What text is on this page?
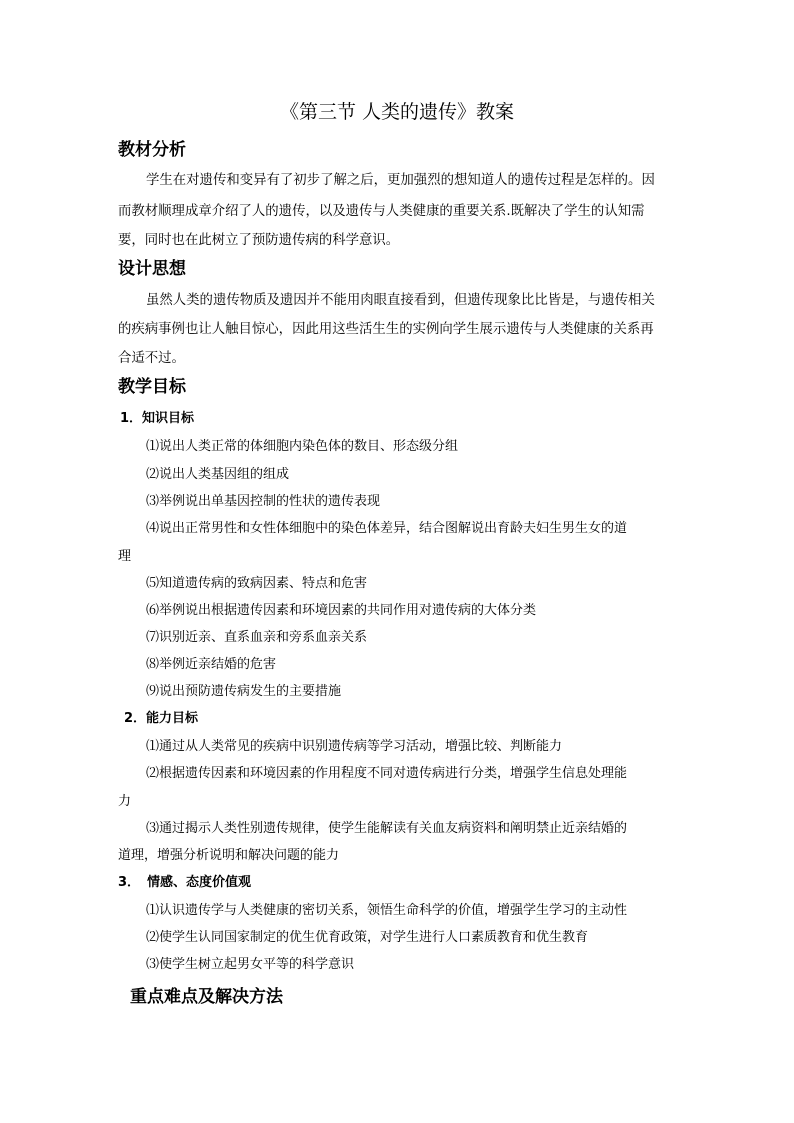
《第三节 人类的遗传》教案
教材分析
学生在对遗传和变异有了初步了解之后，更加强烈的想知道人的遗传过程是怎样的。因
而教材顺理成章介绍了人的遗传，以及遗传与人类健康的重要关系.既解决了学生的认知需
要，同时也在此树立了预防遗传病的科学意识。
设计思想
虽然人类的遗传物质及遗因并不能用肉眼直接看到，但遗传现象比比皆是，与遗传相关
的疾病事例也让人触目惊心，因此用这些活生生的实例向学生展示遗传与人类健康的关系再
合适不过。
教学目标
1．知识目标
⑴说出人类正常的体细胞内染色体的数目、形态级分组
⑵说出人类基因组的组成
⑶举例说出单基因控制的性状的遗传表现
⑷说出正常男性和女性体细胞中的染色体差异，结合图解说出育龄夫妇生男生女的道
理
⑸知道遗传病的致病因素、特点和危害
⑹举例说出根据遗传因素和环境因素的共同作用对遗传病的大体分类
⑺识别近亲、直系血亲和旁系血亲关系
⑻举例近亲结婚的危害
⑼说出预防遗传病发生的主要措施
2．能力目标
⑴通过从人类常见的疾病中识别遗传病等学习活动，增强比较、判断能力
⑵根据遗传因素和环境因素的作用程度不同对遗传病进行分类，增强学生信息处理能
力
⑶通过揭示人类性别遗传规律，使学生能解读有关血友病资料和阐明禁止近亲结婚的
道理，增强分析说明和解决问题的能力
3． 情感、态度价值观
⑴认识遗传学与人类健康的密切关系，领悟生命科学的价值，增强学生学习的主动性
⑵使学生认同国家制定的优生优育政策，对学生进行人口素质教育和优生教育
⑶使学生树立起男女平等的科学意识
重点难点及解决方法
